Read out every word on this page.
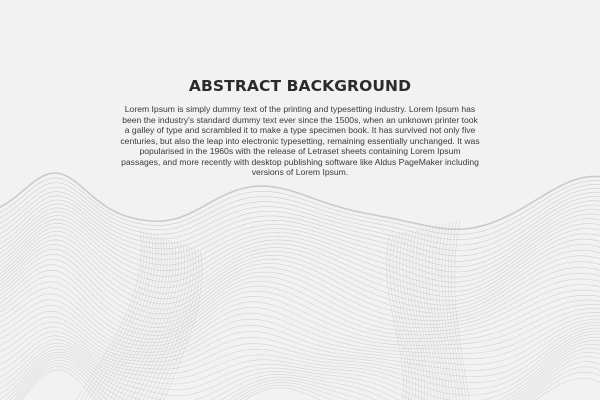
ABSTRACT BACKGROUND

Lorem Ipsum is simply dummy text of the printing and typesetting industry. Lorem Ipsum has been the industry's standard dummy text ever since the 1500s, when an unknown printer took a galley of type and scrambled it to make a type specimen book. It has survived not only five centuries, but also the leap into electronic typesetting, remaining essentially unchanged. It was popularised in the 1960s with the release of Letraset sheets containing Lorem Ipsum passages, and more recently with desktop publishing software like Aldus PageMaker including versions of Lorem Ipsum.
